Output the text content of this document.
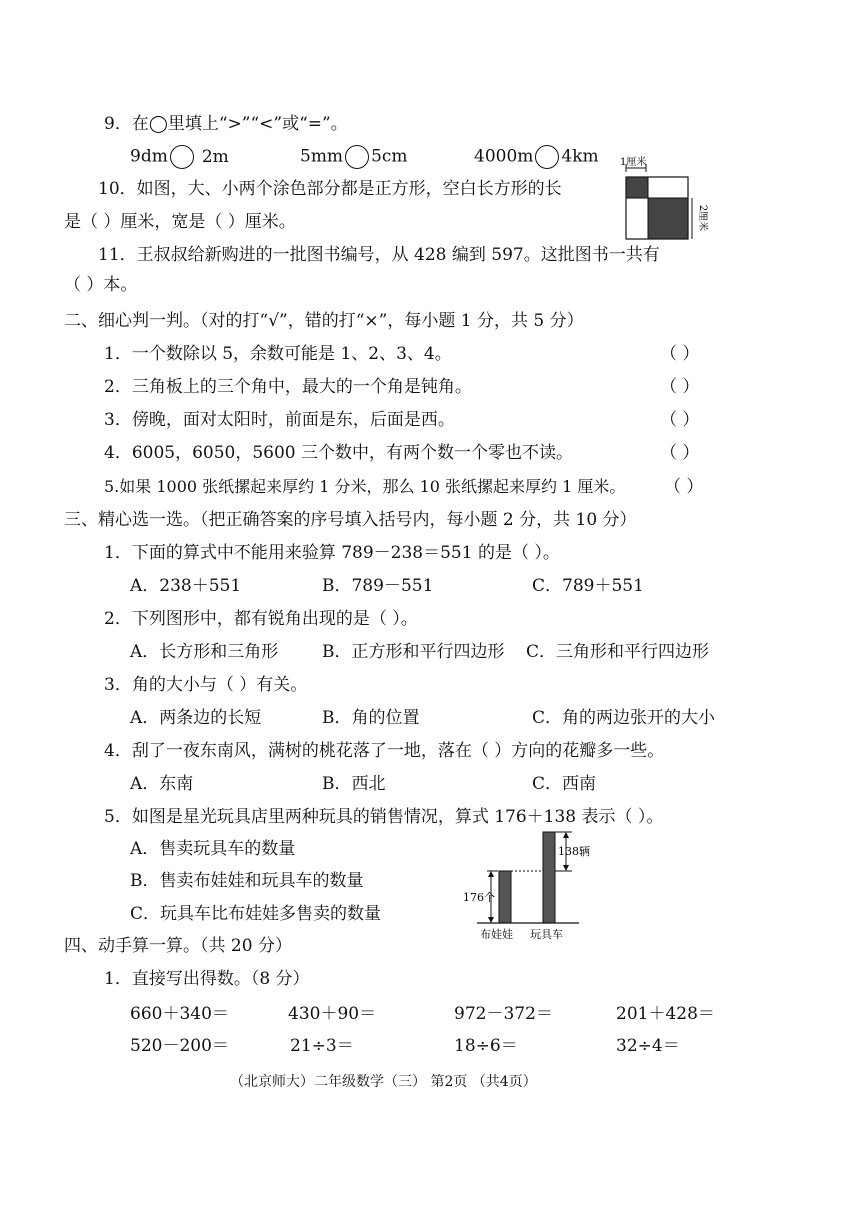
9．在◯里填上“>”“<”或“=”。
9dm 2m	5mm 5cm	4000m 4km
10．如图，大、小两个涂色部分都是正方形，空白长方形的长
是（ ）厘米，宽是（ ）厘米。
1厘米
2厘米
11．王叔叔给新购进的一批图书编号，从 428 编到 597。这批图书一共有
（ ）本。
二、细心判一判。（对的打“√”，错的打“×”，每小题 1 分，共 5 分）
1．一个数除以 5，余数可能是 1、2、3、4。	（ ）
2．三角板上的三个角中，最大的一个角是钝角。	（ ）
3．傍晚，面对太阳时，前面是东，后面是西。	（ ）
4．6005，6050，5600 三个数中，有两个数一个零也不读。	（ ）
5.如果 1000 张纸摞起来厚约 1 分米，那么 10 张纸摞起来厚约 1 厘米。 （ ）
三、精心选一选。（把正确答案的序号填入括号内，每小题 2 分，共 10 分）
1．下面的算式中不能用来验算 789－238＝551 的是（ ）。
A．238＋551	B．789－551	C．789＋551
2．下列图形中，都有锐角出现的是（ ）。
A．长方形和三角形	B．正方形和平行四边形 C．三角形和平行四边形
3．角的大小与（ ）有关。
A．两条边的长短	B．角的位置	C．角的两边张开的大小
4．刮了一夜东南风，满树的桃花落了一地，落在（ ）方向的花瓣多一些。
A．东南	B．西北	C．西南
5．如图是星光玩具店里两种玩具的销售情况，算式 176＋138 表示（ ）。
A．售卖玩具车的数量
B．售卖布娃娃和玩具车的数量
C．玩具车比布娃娃多售卖的数量
176个
138辆
布娃娃 玩具车
四、动手算一算。（共 20 分）
1．直接写出得数。（8 分）
660＋340＝	430＋90＝	972－372＝	201＋428＝
520－200＝	21÷3＝	18÷6＝	32÷4＝
（北京师大）二年级数学（三） 第2页 （共4页）
